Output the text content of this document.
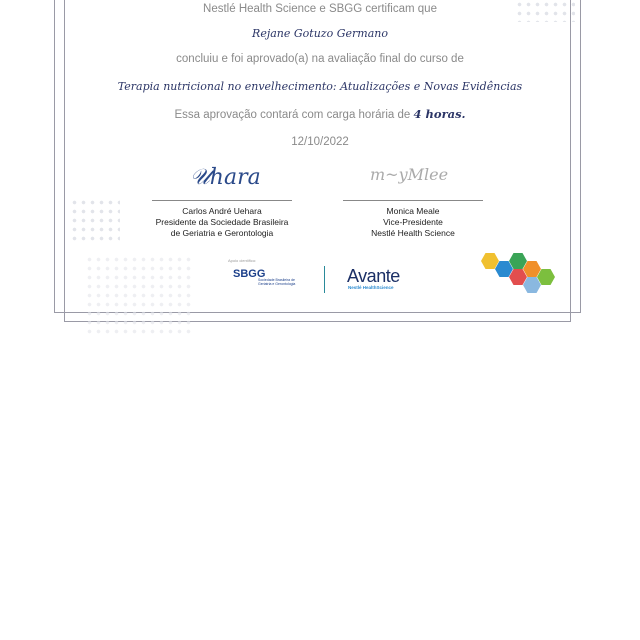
Nestlé Health Science e SBGG certificam que
Rejane Gotuzo Germano
concluiu e foi aprovado(a) na avaliação final do curso de
Terapia nutricional no envelhecimento: Atualizações e Novas Evidências
Essa aprovação contará com carga horária de 4 horas.
12/10/2022
𝒰hara	m~yMlee
Carlos André Uehara
Presidente da Sociedade Brasileira
de Geriatria e Gerontologia
Monica Meale
Vice-Presidente
Nestlé Health Science
Apoio científico:
SBGG
Sociedade Brasileira de Geriatria e Gerontologia	Avante
Nestlé HealthScience
